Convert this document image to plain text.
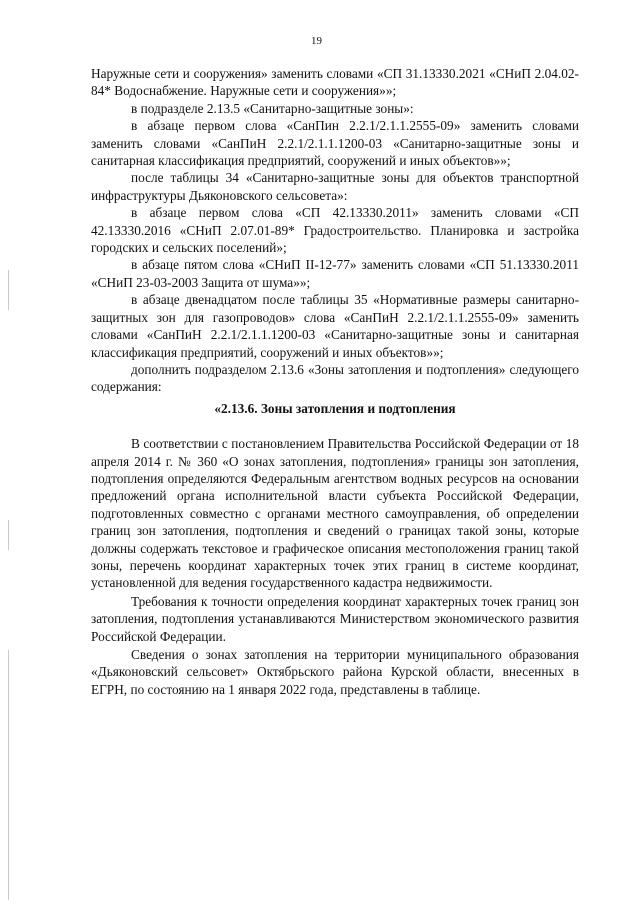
19

Наружные сети и сооружения» заменить словами «СП 31.13330.2021 «СНиП 2.04.02-84* Водоснабжение. Наружные сети и сооружения»»;

в подразделе 2.13.5 «Санитарно-защитные зоны»:

в абзаце первом слова «СанПин 2.2.1/2.1.1.2555-09» заменить словами заменить словами «СанПиН 2.2.1/2.1.1.1200-03 «Санитарно-защитные зоны и санитарная классификация предприятий, сооружений и иных объектов»»;

после таблицы 34 «Санитарно-защитные зоны для объектов транспортной инфраструктуры Дьяконовского сельсовета»:

в абзаце первом слова «СП 42.13330.2011» заменить словами «СП 42.13330.2016 «СНиП 2.07.01-89* Градостроительство. Планировка и застройка городских и сельских поселений»;

в абзаце пятом слова «СНиП II-12-77» заменить словами «СП 51.13330.2011 «СНиП 23-03-2003 Защита от шума»»;

в абзаце двенадцатом после таблицы 35 «Нормативные размеры санитарно-защитных зон для газопроводов» слова «СанПиН 2.2.1/2.1.1.2555-09» заменить словами «СанПиН 2.2.1/2.1.1.1200-03 «Санитарно-защитные зоны и санитарная классификация предприятий, сооружений и иных объектов»»;

дополнить подразделом 2.13.6 «Зоны затопления и подтопления» следующего содержания:

«2.13.6. Зоны затопления и подтопления

В соответствии с постановлением Правительства Российской Федерации от 18 апреля 2014 г. № 360 «О зонах затопления, подтопления» границы зон затопления, подтопления определяются Федеральным агентством водных ресурсов на основании предложений органа исполнительной власти субъекта Российской Федерации, подготовленных совместно с органами местного самоуправления, об определении границ зон затопления, подтопления и сведений о границах такой зоны, которые должны содержать текстовое и графическое описания местоположения границ такой зоны, перечень координат характерных точек этих границ в системе координат, установленной для ведения государственного кадастра недвижимости.

Требования к точности определения координат характерных точек границ зон затопления, подтопления устанавливаются Министерством экономического развития Российской Федерации.

Сведения о зонах затопления на территории муниципального образования «Дьяконовский сельсовет» Октябрьского района Курской области, внесенных в ЕГРН, по состоянию на 1 января 2022 года, представлены в таблице.
